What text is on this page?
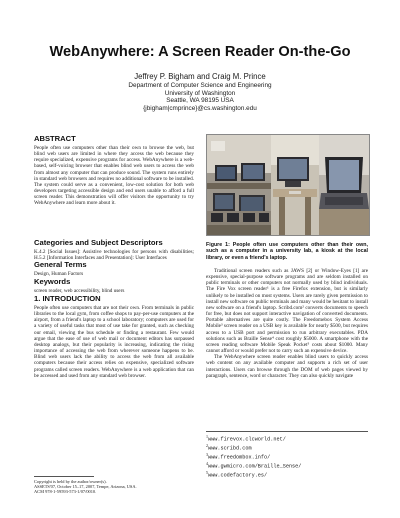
WebAnywhere: A Screen Reader On-the-Go
Jeffrey P. Bigham and Craig M. Prince
Department of Computer Science and Engineering
University of Washington
Seattle, WA 98195 USA
{jbigham|cmprince}@cs.washington.edu
ABSTRACT

People often use computers other than their own to browse the web, but blind web users are limited in where they access the web because they require specialized, expensive programs for access. WebAnywhere is a web-based, self-voicing browser that enables blind web users to access the web from almost any computer that can produce sound. The system runs entirely in standard web browsers and requires no additional software to be installed. The system could serve as a convenient, low-cost solution for both web developers targeting accessible design and end users unable to afford a full screen reader. This demonstration will offer visitors the opportunity to try WebAnywhere and learn more about it.

Categories and Subject Descriptors

K.4.2 [Social Issues]: Assistive technologies for persons with disabilities; H.5.2 [Information Interfaces and Presentation]: User Interfaces

General Terms

Design, Human Factors

Keywords

screen reader, web accessibility, blind users

1. INTRODUCTION

People often use computers that are not their own. From terminals in public libraries to the local gym, from coffee shops to pay-per-use computers at the airport, from a friend's laptop to a school laboratory; computers are used for a variety of useful tasks that most of use take for granted, such as checking our email, viewing the bus schedule or finding a restaurant. Few would argue that the ease of use of web mail or document editors has surpassed desktop analogs, but their popularity is increasing, indicating the rising importance of accessing the web from wherever someone happens to be. Blind web users lack the ability to access the web from all available computers because their access relies on expensive, specialized software programs called screen readers. WebAnywhere is a web application that can be accessed and used from any standard web browser.

Copyright is held by the author/owner(s).
ASSETS'07, October 15–17, 2007, Tempe, Arizona, USA.
ACM 978-1-59593-573-1/07/0010.
Figure 1: People often use computers other than their own, such as a computer in a university lab, a kiosk at the local library, or even a friend's laptop.

Traditional screen readers such as JAWS [2] or Window-Eyes [1] are expensive, special-purpose software programs and are seldom installed on public terminals or other computers not normally used by blind individuals. The Fire Vox screen reader¹ is a free Firefox extension, but is similarly unlikely to be installed on most systems. Users are rarely given permission to install new software on public terminals and many would be hesitant to install new software on a friend's laptop. Scribd.com² converts documents to speech for free, but does not support interactive navigation of converted documents. Portable alternatives are quite costly. The Freedomebox System Access Mobile³ screen reader on a USB key is available for nearly $500, but requires access to a USB port and permission to run arbitrary executables. PDA solutions such as Braille Sense⁴ cost roughly $5000. A smartphone with the screen reading software Mobile Speak Pocket⁵ costs about $1000. Many cannot afford or would prefer not to carry such an expensive device.

The WebAnywhere screen reader enables blind users to quickly access web content on any available computer and supports a rich set of user interactions. Users can browse through the DOM of web pages viewed by paragraph, sentence, word or character. They can also quickly navigate

$^1$www.firevox.clcworld.net/
$^2$www.scribd.com
$^3$www.freedombox.info/
$^4$www.gwmicro.com/Braille_Sense/
$^5$www.codefactory.es/
